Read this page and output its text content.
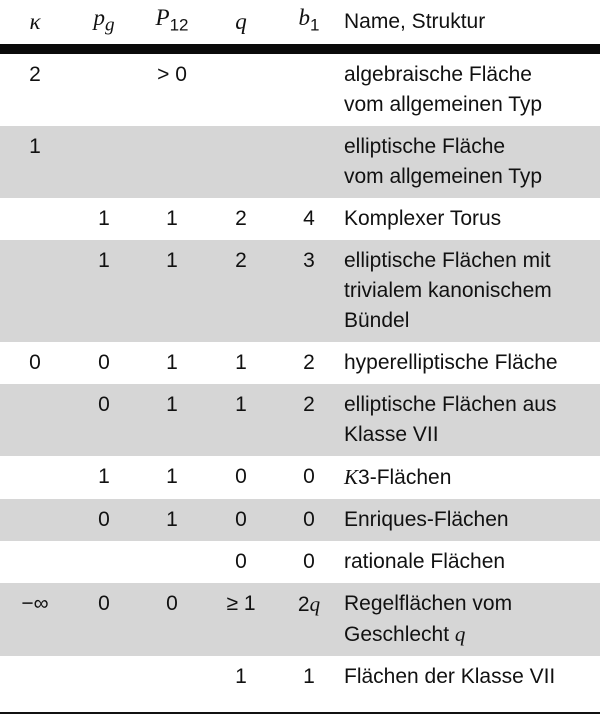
κ	$p_g$	$P_{12}$	q	$b_1$	Name, Struktur

2		> 0			algebraische Fläche
vom allgemeinen Typ

1					elliptische Fläche
vom allgemeinen Typ

	1	1	2	4	Komplexer Torus

	1	1	2	3	elliptische Flächen mit
trivialem kanonischem
Bündel

0	0	1	1	2	hyperelliptische Fläche

	0	1	1	2	elliptische Flächen aus
Klasse VII

	1	1	0	0	K3-Flächen

	0	1	0	0	Enriques-Flächen

			0	0	rationale Flächen

−∞	0	0	≥ 1	2q	Regelflächen vom
Geschlecht q

			1	1	Flächen der Klasse VII
